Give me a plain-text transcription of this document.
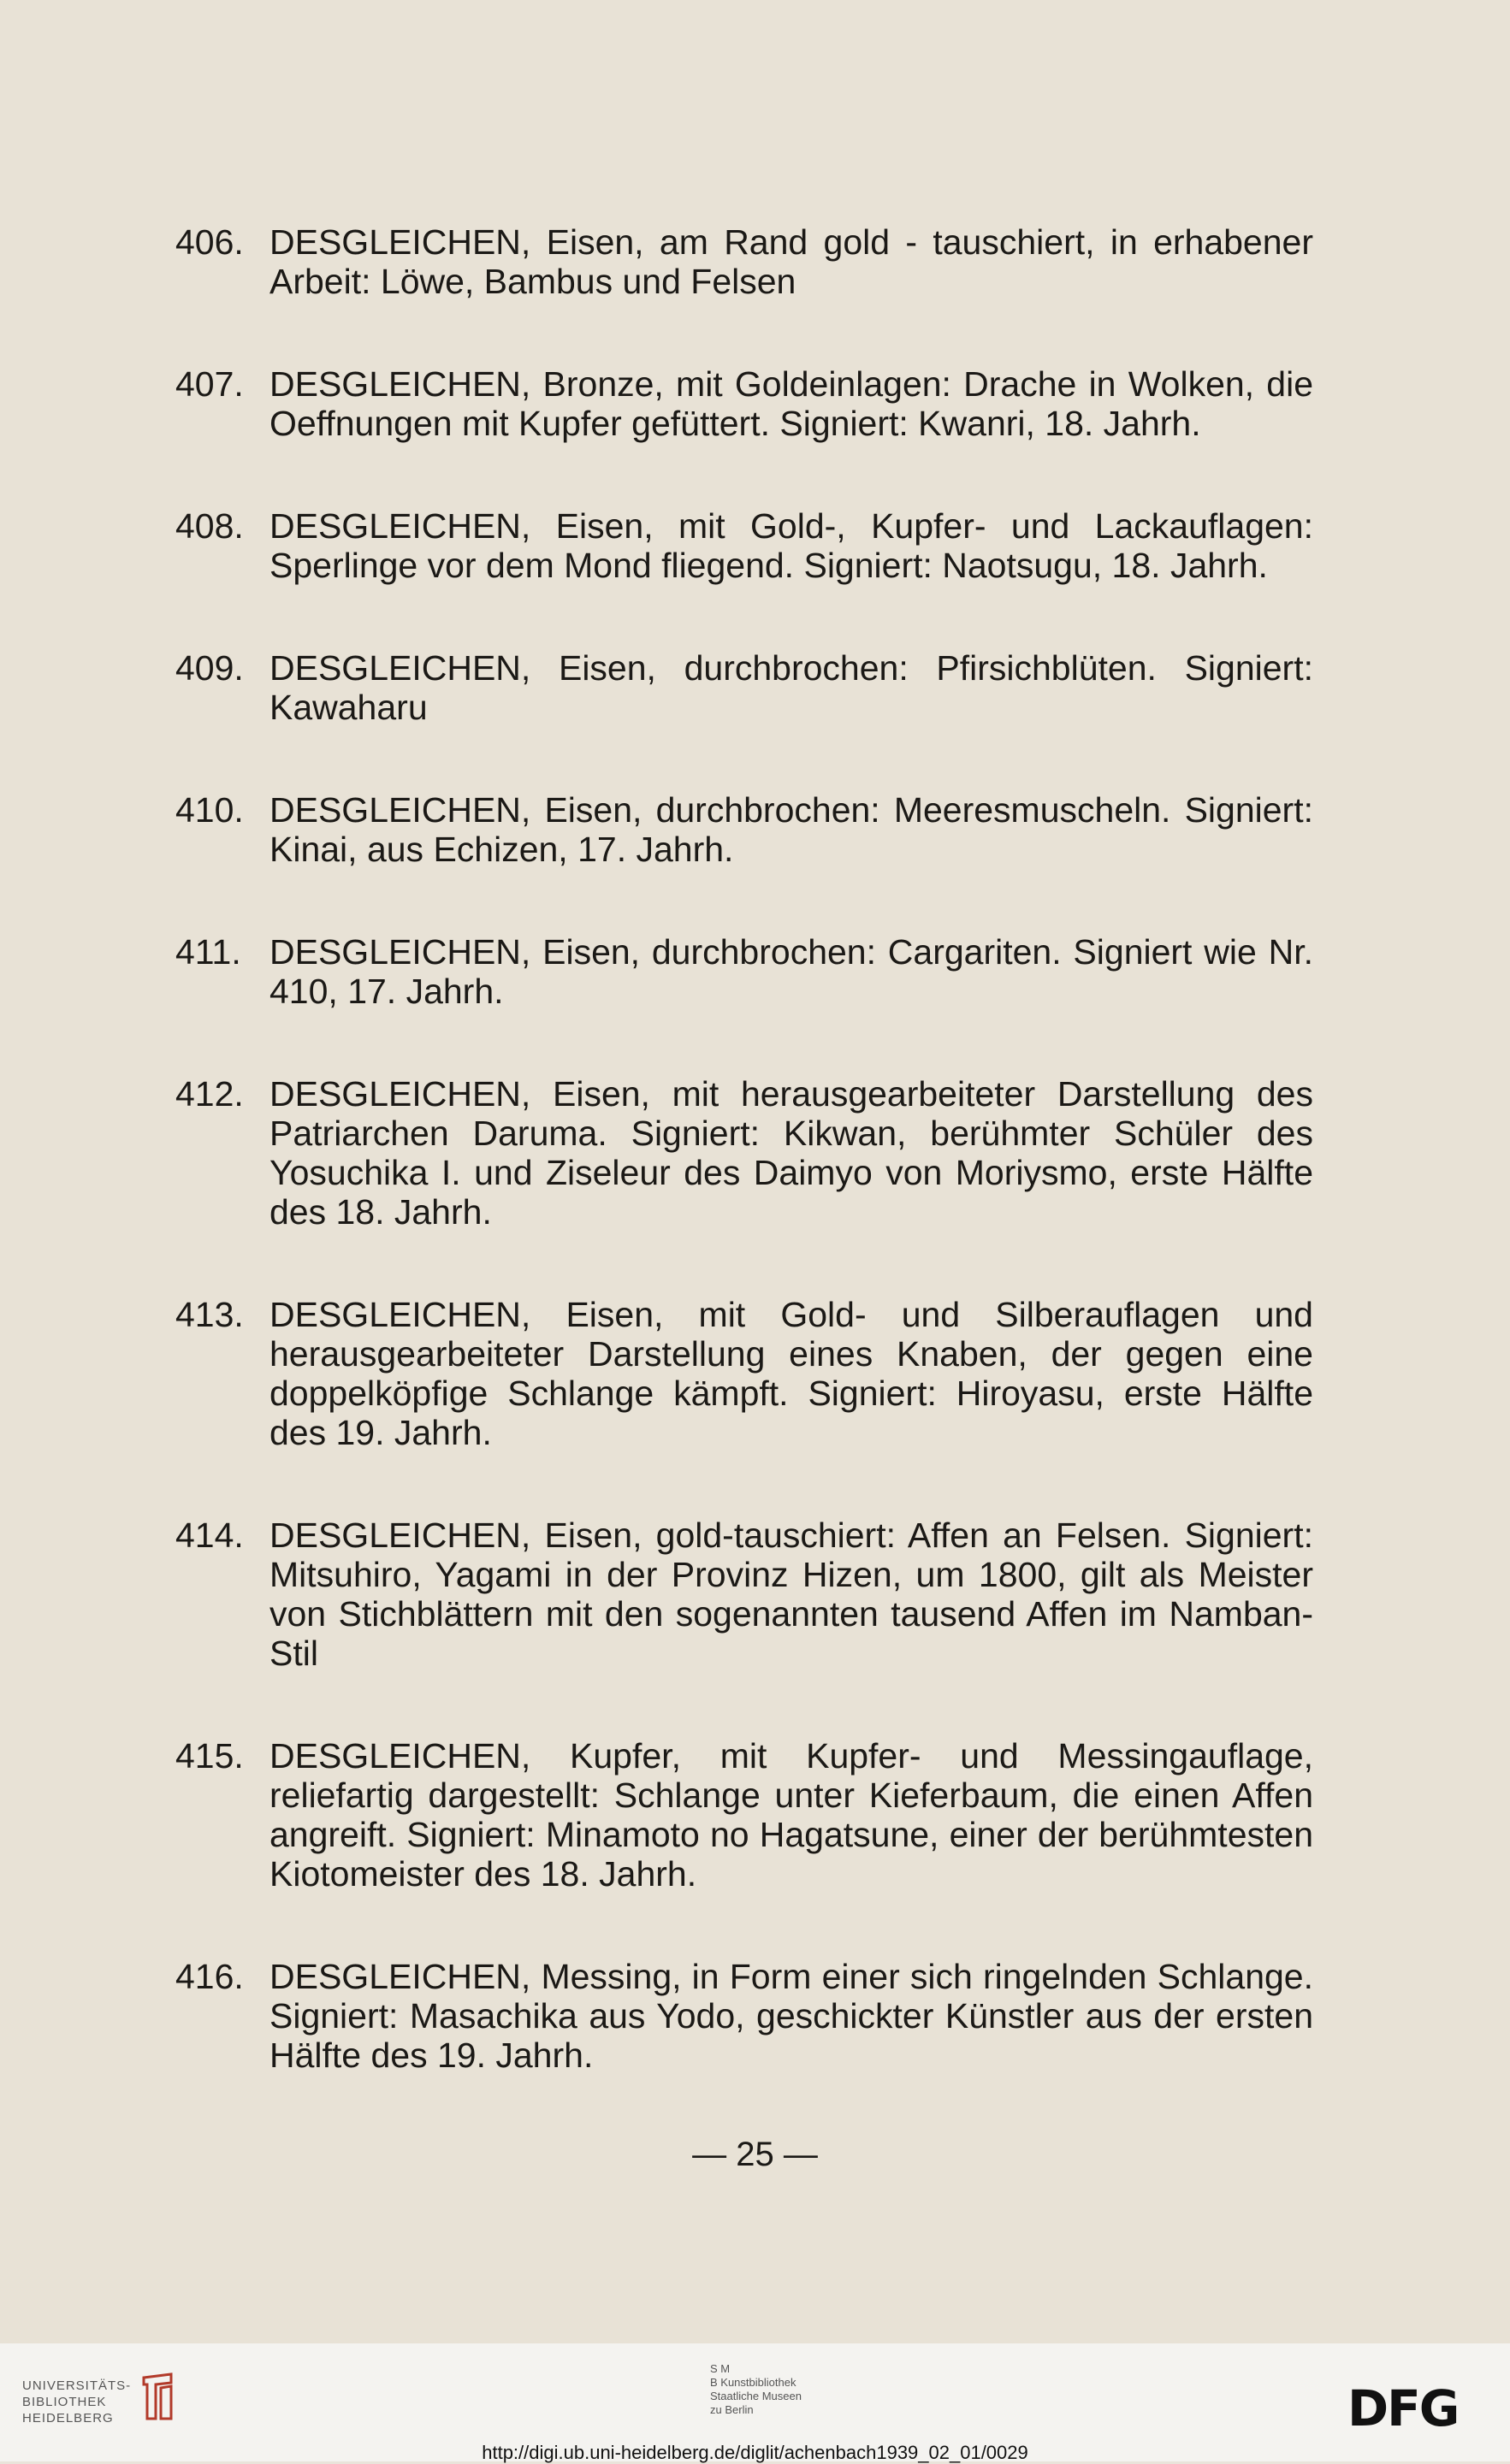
406. DESGLEICHEN, Eisen, am Rand gold - tauschiert, in erhabener Arbeit: Löwe, Bambus und Felsen
407. DESGLEICHEN, Bronze, mit Goldeinlagen: Drache in Wolken, die Oeffnungen mit Kupfer gefüttert. Signiert: Kwanri, 18. Jahrh.
408. DESGLEICHEN, Eisen, mit Gold-, Kupfer- und Lackauflagen: Sperlinge vor dem Mond fliegend. Signiert: Naotsugu, 18. Jahrh.
409. DESGLEICHEN, Eisen, durchbrochen: Pfirsichblüten. Signiert: Kawaharu
410. DESGLEICHEN, Eisen, durchbrochen: Meeresmuscheln. Signiert: Kinai, aus Echizen, 17. Jahrh.
411. DESGLEICHEN, Eisen, durchbrochen: Cargariten. Signiert wie Nr. 410, 17. Jahrh.
412. DESGLEICHEN, Eisen, mit herausgearbeiteter Darstellung des Patriarchen Daruma. Signiert: Kikwan, berühmter Schüler des Yosuchika I. und Ziseleur des Daimyo von Moriysmo, erste Hälfte des 18. Jahrh.
413. DESGLEICHEN, Eisen, mit Gold- und Silberauflagen und herausgearbeiteter Darstellung eines Knaben, der gegen eine doppelköpfige Schlange kämpft. Signiert: Hiroyasu, erste Hälfte des 19. Jahrh.
414. DESGLEICHEN, Eisen, gold-tauschiert: Affen an Felsen. Signiert: Mitsuhiro, Yagami in der Provinz Hizen, um 1800, gilt als Meister von Stichblättern mit den sogenannten tausend Affen im Namban-Stil
415. DESGLEICHEN, Kupfer, mit Kupfer- und Messingauflage, reliefartig dargestellt: Schlange unter Kieferbaum, die einen Affen angreift. Signiert: Minamoto no Hagatsune, einer der berühmtesten Kiotomeister des 18. Jahrh.
416. DESGLEICHEN, Messing, in Form einer sich ringelnden Schlange. Signiert: Masachika aus Yodo, geschickter Künstler aus der ersten Hälfte des 19. Jahrh.
— 25 —
UNIVERSITÄTS-
BIBLIOTHEK
HEIDELBERG
S M
B Kunstbibliothek
Staatliche Museen
zu Berlin	DFG
http://digi.ub.uni-heidelberg.de/diglit/achenbach1939_02_01/0029
